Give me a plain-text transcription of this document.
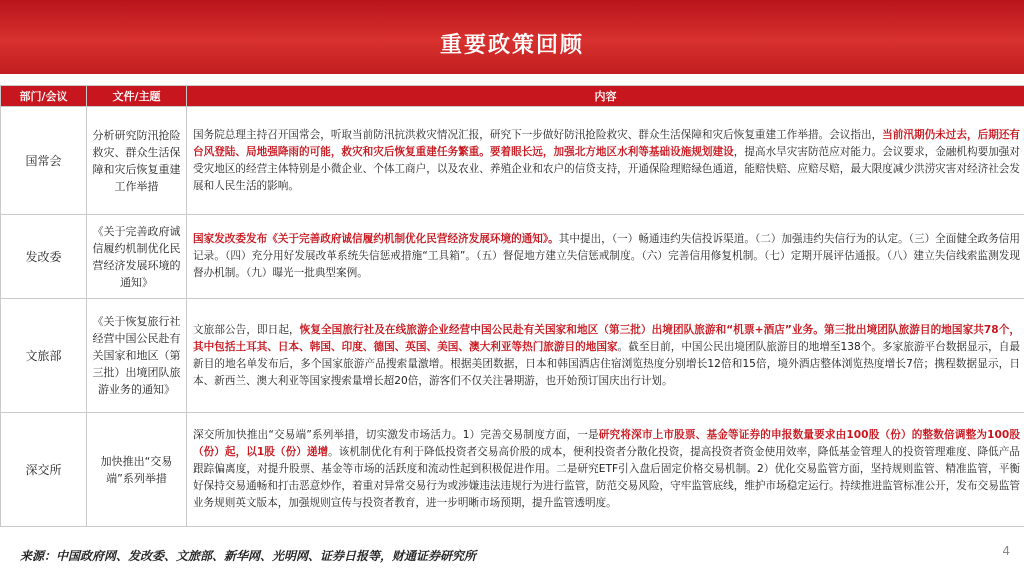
重要政策回顾
部门/会议	文件/主题	内容
国常会	分析研究防汛抢险救灾、群众生活保障和灾后恢复重建工作举措	国务院总理主持召开国常会，听取当前防汛抗洪救灾情况汇报，研究下一步做好防汛抢险救灾、群众生活保障和灾后恢复重建工作举措。会议指出，当前汛期仍未过去，后期还有台风登陆、局地强降雨的可能，救灾和灾后恢复重建任务繁重。要着眼长远，加强北方地区水利等基础设施规划建设，提高水旱灾害防范应对能力。会议要求，金融机构要加强对受灾地区的经营主体特别是小微企业、个体工商户，以及农业、养殖企业和农户的信贷支持，开通保险理赔绿色通道，能赔快赔、应赔尽赔，最大限度减少洪涝灾害对经济社会发展和人民生活的影响。
发改委	《关于完善政府诚信履约机制优化民营经济发展环境的通知》	国家发改委发布《关于完善政府诚信履约机制优化民营经济发展环境的通知》。其中提出，（一）畅通违约失信投诉渠道。（二）加强违约失信行为的认定。（三）全面健全政务信用记录。（四）充分用好发展改革系统失信惩戒措施“工具箱”。（五）督促地方建立失信惩戒制度。（六）完善信用修复机制。（七）定期开展评估通报。（八）建立失信线索监测发现督办机制。（九）曝光一批典型案例。
文旅部	《关于恢复旅行社经营中国公民赴有关国家和地区（第三批）出境团队旅游业务的通知》	文旅部公告，即日起，恢复全国旅行社及在线旅游企业经营中国公民赴有关国家和地区（第三批）出境团队旅游和“机票+酒店”业务。第三批出境团队旅游目的地国家共78个，其中包括土耳其、日本、韩国、印度、德国、英国、美国、澳大利亚等热门旅游目的地国家。截至目前，中国公民出境团队旅游目的地增至138个。多家旅游平台数据显示，自最新目的地名单发布后，多个国家旅游产品搜索量激增。根据美团数据，日本和韩国酒店住宿浏览热度分别增长12倍和15倍，境外酒店整体浏览热度增长7倍；携程数据显示，日本、新西兰、澳大利亚等国家搜索量增长超20倍，游客们不仅关注暑期游，也开始预订国庆出行计划。
深交所	加快推出“交易端”系列举措	深交所加快推出“交易端”系列举措，切实激发市场活力。1）完善交易制度方面，一是研究将深市上市股票、基金等证券的申报数量要求由100股（份）的整数倍调整为100股（份）起，以1股（份）递增。该机制优化有利于降低投资者交易高价股的成本，便利投资者分散化投资，提高投资者资金使用效率，降低基金管理人的投资管理难度、降低产品跟踪偏离度，对提升股票、基金等市场的活跃度和流动性起到积极促进作用。二是研究ETF引入盘后固定价格交易机制。2）优化交易监管方面，坚持规则监管、精准监管，平衡好保持交易通畅和打击恶意炒作，着重对异常交易行为或涉嫌违法违规行为进行监管，防范交易风险，守牢监管底线，维护市场稳定运行。持续推进监管标准公开，发布交易监管业务规则英文版本，加强规则宣传与投资者教育，进一步明晰市场预期，提升监管透明度。
来源：中国政府网、发改委、文旅部、新华网、光明网、证券日报等，财通证券研究所	4
